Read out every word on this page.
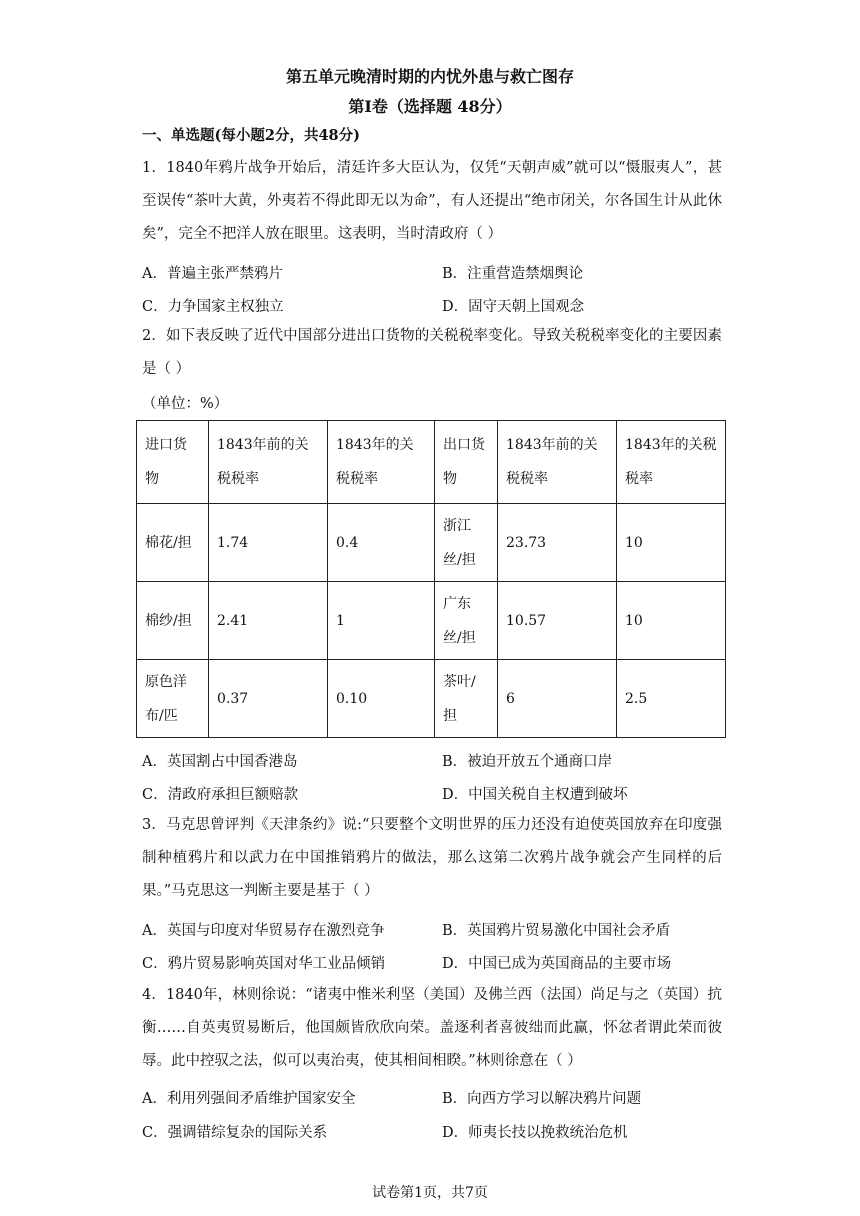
第五单元晚清时期的内忧外患与救亡图存
第Ⅰ卷（选择题 48分）
一、单选题(每小题2分，共48分)
1．1840年鸦片战争开始后，清廷许多大臣认为，仅凭“天朝声威”就可以“慑服夷人”，甚至误传“茶叶大黄，外夷若不得此即无以为命”，有人还提出“绝市闭关，尔各国生计从此休矣”，完全不把洋人放在眼里。这表明，当时清政府（ ）
A．普遍主张严禁鸦片	B．注重营造禁烟舆论
C．力争国家主权独立	D．固守天朝上国观念
2．如下表反映了近代中国部分进出口货物的关税税率变化。导致关税税率变化的主要因素是（ ）
（单位：%）
进口货物	1843年前的关税税率	1843年的关税税率	出口货物	1843年前的关税税率	1843年的关税税率
棉花/担	1.74	0.4	浙江丝/担	23.73	10
棉纱/担	2.41	1	广东丝/担	10.57	10
原色洋布/匹	0.37	0.10	茶叶/担	6	2.5
A．英国割占中国香港岛	B．被迫开放五个通商口岸
C．清政府承担巨额赔款	D．中国关税自主权遭到破坏
3．马克思曾评判《天津条约》说:“只要整个文明世界的压力还没有迫使英国放弃在印度强制种植鸦片和以武力在中国推销鸦片的做法，那么这第二次鸦片战争就会产生同样的后果。”马克思这一判断主要是基于（ ）
A．英国与印度对华贸易存在激烈竞争	B．英国鸦片贸易激化中国社会矛盾
C．鸦片贸易影响英国对华工业品倾销	D．中国已成为英国商品的主要市场
4．1840年，林则徐说：“诸夷中惟米利坚（美国）及佛兰西（法国）尚足与之（英国）抗衡……自英夷贸易断后，他国颇皆欣欣向荣。盖逐利者喜彼绌而此赢，怀忿者谓此荣而彼辱。此中控驭之法，似可以夷治夷，使其相间相睽。”林则徐意在（ ）
A．利用列强间矛盾维护国家安全	B．向西方学习以解决鸦片问题
C．强调错综复杂的国际关系	D．师夷长技以挽救统治危机
试卷第1页，共7页
